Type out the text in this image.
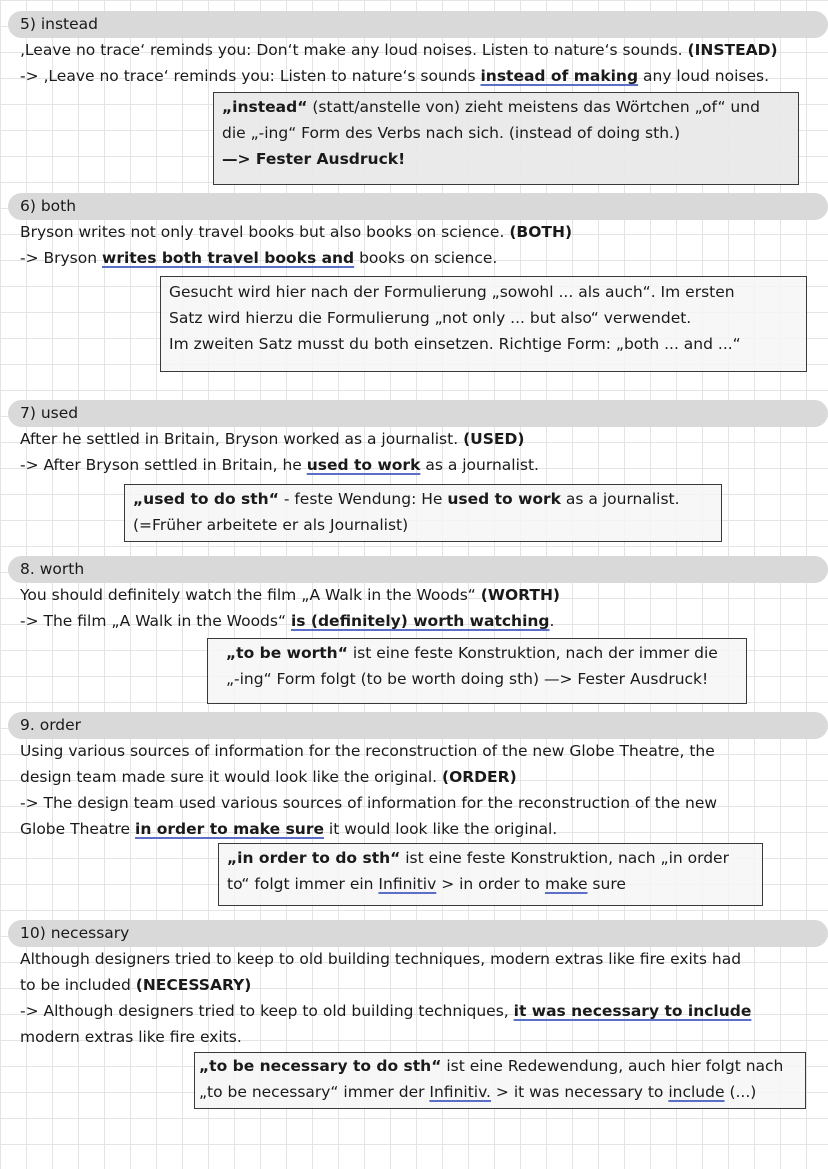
5) instead
‚Leave no trace‘ reminds you: Don‘t make any loud noises. Listen to nature‘s sounds. (INSTEAD)
-> ‚Leave no trace‘ reminds you: Listen to nature‘s sounds instead of making any loud noises.
„instead“ (statt/anstelle von) zieht meistens das Wörtchen „of“ und
die „-ing“ Form des Verbs nach sich. (instead of doing sth.)
—> Fester Ausdruck!
6) both
Bryson writes not only travel books but also books on science. (BOTH)
-> Bryson writes both travel books and books on science.
Gesucht wird hier nach der Formulierung „sowohl ... als auch“. Im ersten
Satz wird hierzu die Formulierung „not only ... but also“ verwendet.
Im zweiten Satz musst du both einsetzen. Richtige Form: „both ... and ...“
7) used
After he settled in Britain, Bryson worked as a journalist. (USED)
-> After Bryson settled in Britain, he used to work as a journalist.
„used to do sth“ - feste Wendung: He used to work as a journalist.
(=Früher arbeitete er als Journalist)
8. worth
You should definitely watch the film „A Walk in the Woods“ (WORTH)
-> The film „A Walk in the Woods“ is (definitely) worth watching.
„to be worth“ ist eine feste Konstruktion, nach der immer die
„-ing“ Form folgt (to be worth doing sth) —> Fester Ausdruck!
9. order
Using various sources of information for the reconstruction of the new Globe Theatre, the
design team made sure it would look like the original. (ORDER)
-> The design team used various sources of information for the reconstruction of the new
Globe Theatre in order to make sure it would look like the original.
„in order to do sth“ ist eine feste Konstruktion, nach „in order
to“ folgt immer ein Infinitiv > in order to make sure
10) necessary
Although designers tried to keep to old building techniques, modern extras like fire exits had
to be included (NECESSARY)
-> Although designers tried to keep to old building techniques, it was necessary to include
modern extras like fire exits.
„to be necessary to do sth“ ist eine Redewendung, auch hier folgt nach
„to be necessary“ immer der Infinitiv. > it was necessary to include (...)
